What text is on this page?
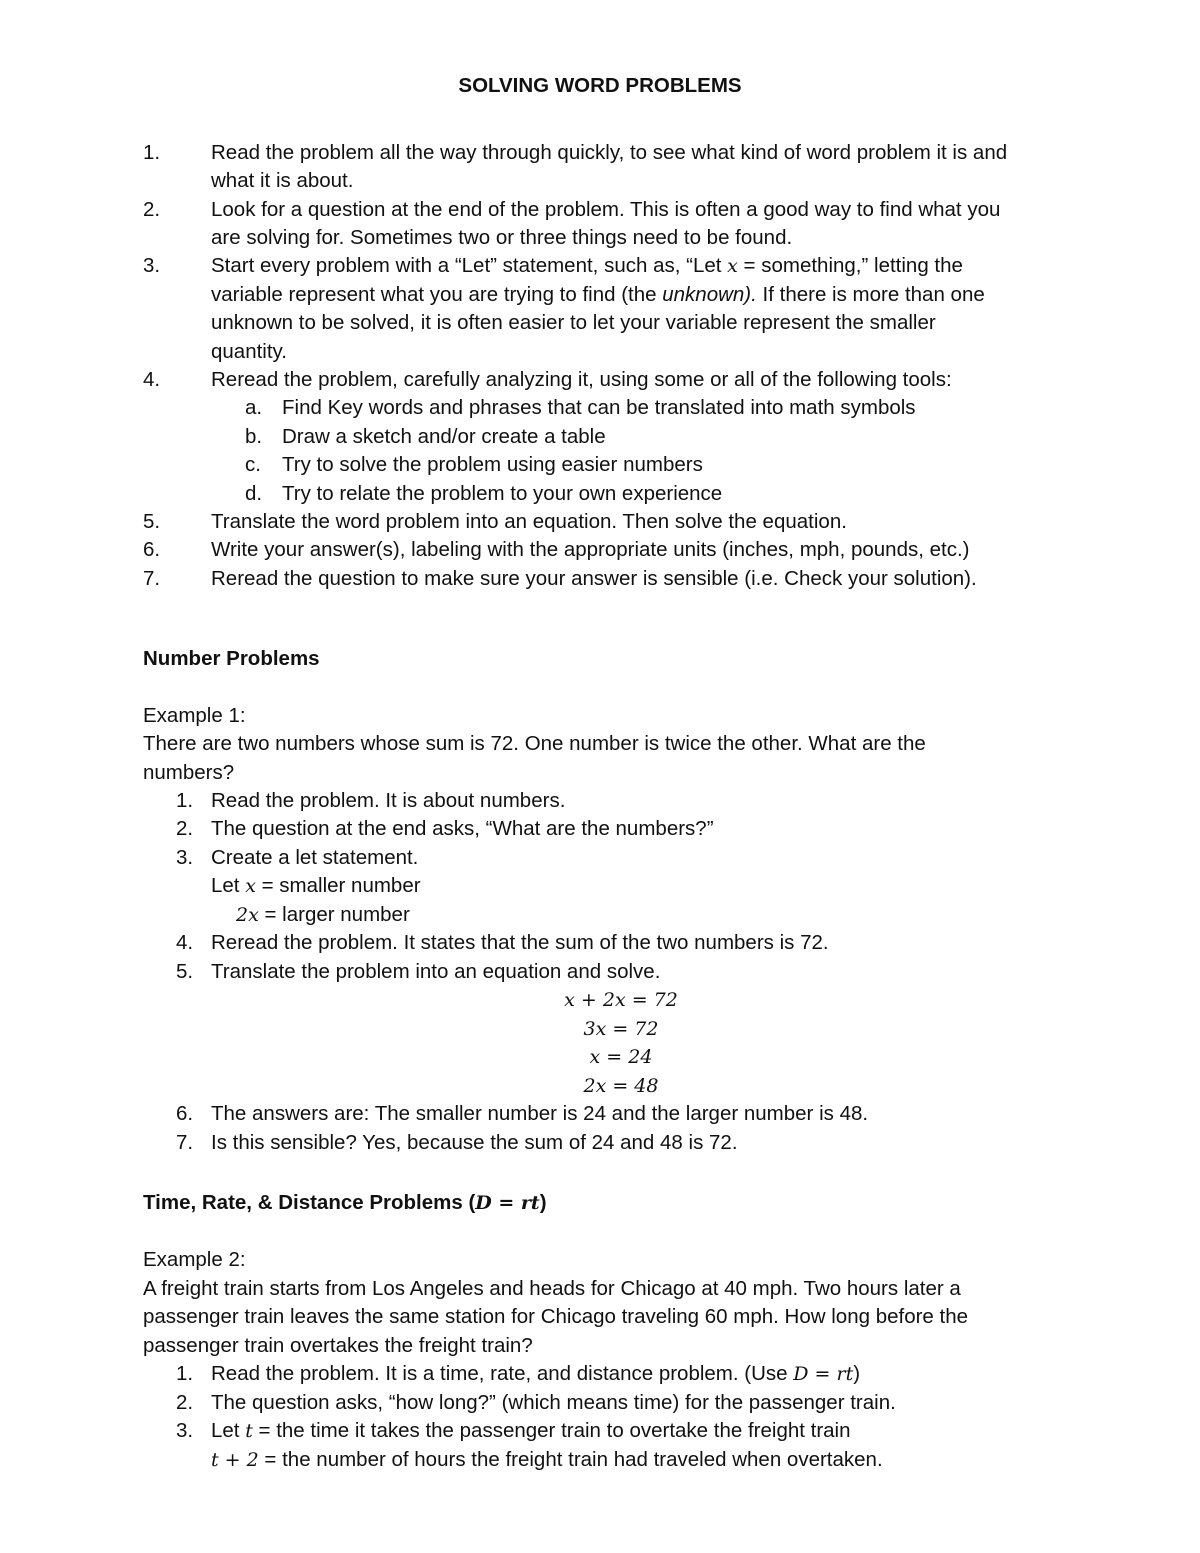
SOLVING WORD PROBLEMS
1. Read the problem all the way through quickly, to see what kind of word problem it is and
what it is about.
2. Look for a question at the end of the problem. This is often a good way to find what you
are solving for. Sometimes two or three things need to be found.
3. Start every problem with a “Let” statement, such as, “Let x = something,” letting the
variable represent what you are trying to find (the unknown). If there is more than one
unknown to be solved, it is often easier to let your variable represent the smaller
quantity.
4. Reread the problem, carefully analyzing it, using some or all of the following tools:
a. Find Key words and phrases that can be translated into math symbols
b. Draw a sketch and/or create a table
c. Try to solve the problem using easier numbers
d. Try to relate the problem to your own experience
5. Translate the word problem into an equation. Then solve the equation.
6. Write your answer(s), labeling with the appropriate units (inches, mph, pounds, etc.)
7. Reread the question to make sure your answer is sensible (i.e. Check your solution).
Number Problems
Example 1:
There are two numbers whose sum is 72. One number is twice the other. What are the
numbers?
1. Read the problem. It is about numbers.
2. The question at the end asks, “What are the numbers?”
3. Create a let statement.
Let x = smaller number
2x = larger number
4. Reread the problem. It states that the sum of the two numbers is 72.
5. Translate the problem into an equation and solve.
x + 2x = 72
3x = 72
x = 24
2x = 48
6. The answers are: The smaller number is 24 and the larger number is 48.
7. Is this sensible? Yes, because the sum of 24 and 48 is 72.
Time, Rate, & Distance Problems (D = rt)
Example 2:
A freight train starts from Los Angeles and heads for Chicago at 40 mph. Two hours later a
passenger train leaves the same station for Chicago traveling 60 mph. How long before the
passenger train overtakes the freight train?
1. Read the problem. It is a time, rate, and distance problem. (Use D = rt)
2. The question asks, “how long?” (which means time) for the passenger train.
3. Let t = the time it takes the passenger train to overtake the freight train
t + 2 = the number of hours the freight train had traveled when overtaken.
